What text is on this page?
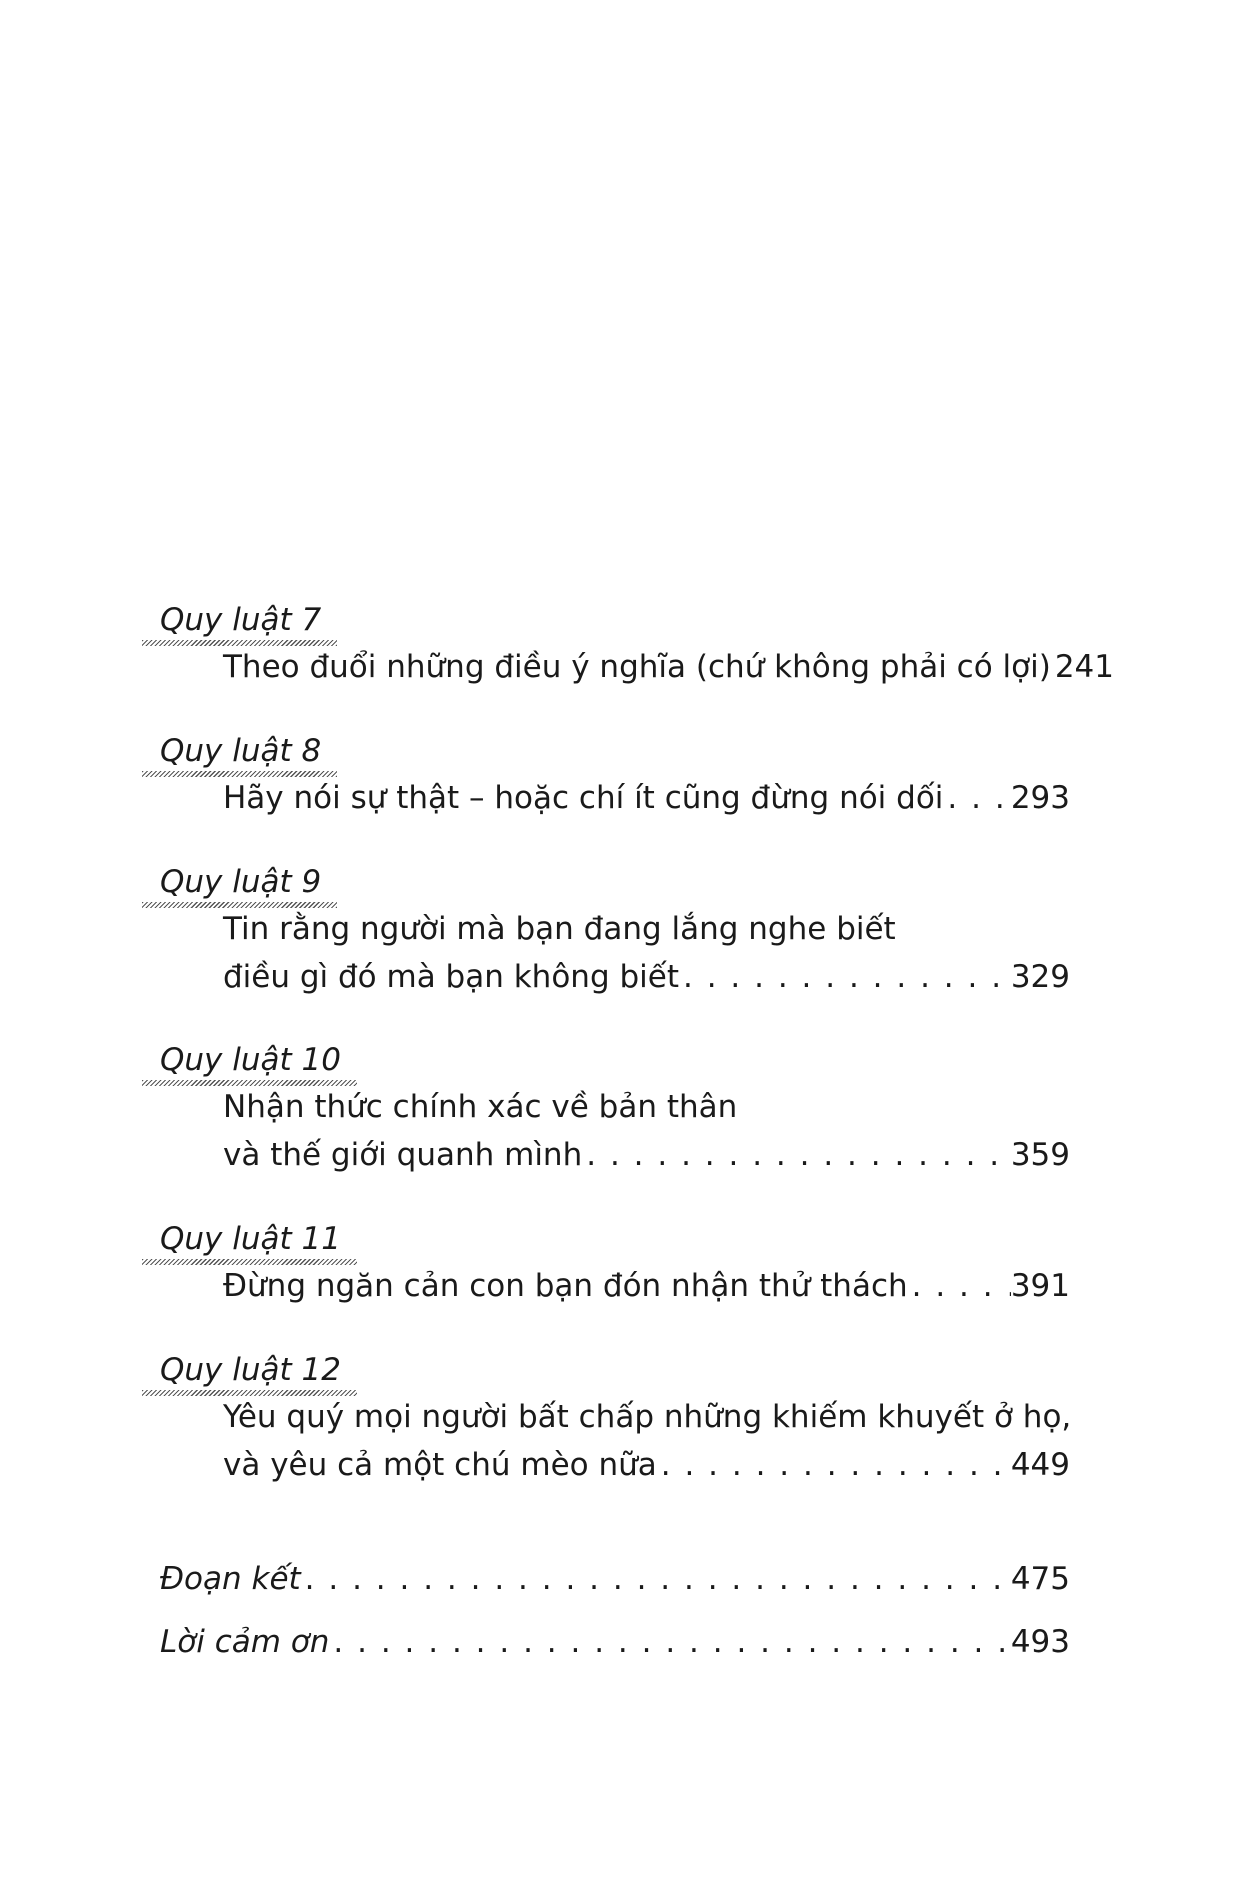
Quy luật 7
Theo đuổi những điều ý nghĩa (chứ không phải có lợi) 241
Quy luật 8
Hãy nói sự thật – hoặc chí ít cũng đừng nói dối . . . 293
Quy luật 9
Tin rằng người mà bạn đang lắng nghe biết
điều gì đó mà bạn không biết . . .	329
Quy luật 10
Nhận thức chính xác về bản thân
và thế giới quanh mình . . .	359
Quy luật 11
Đừng ngăn cản con bạn đón nhận thử thách . . .	391
Quy luật 12
Yêu quý mọi người bất chấp những khiếm khuyết ở họ,
và yêu cả một chú mèo nữa . . .	449
Đoạn kết . . .	475
Lời cảm ơn . . .	493
